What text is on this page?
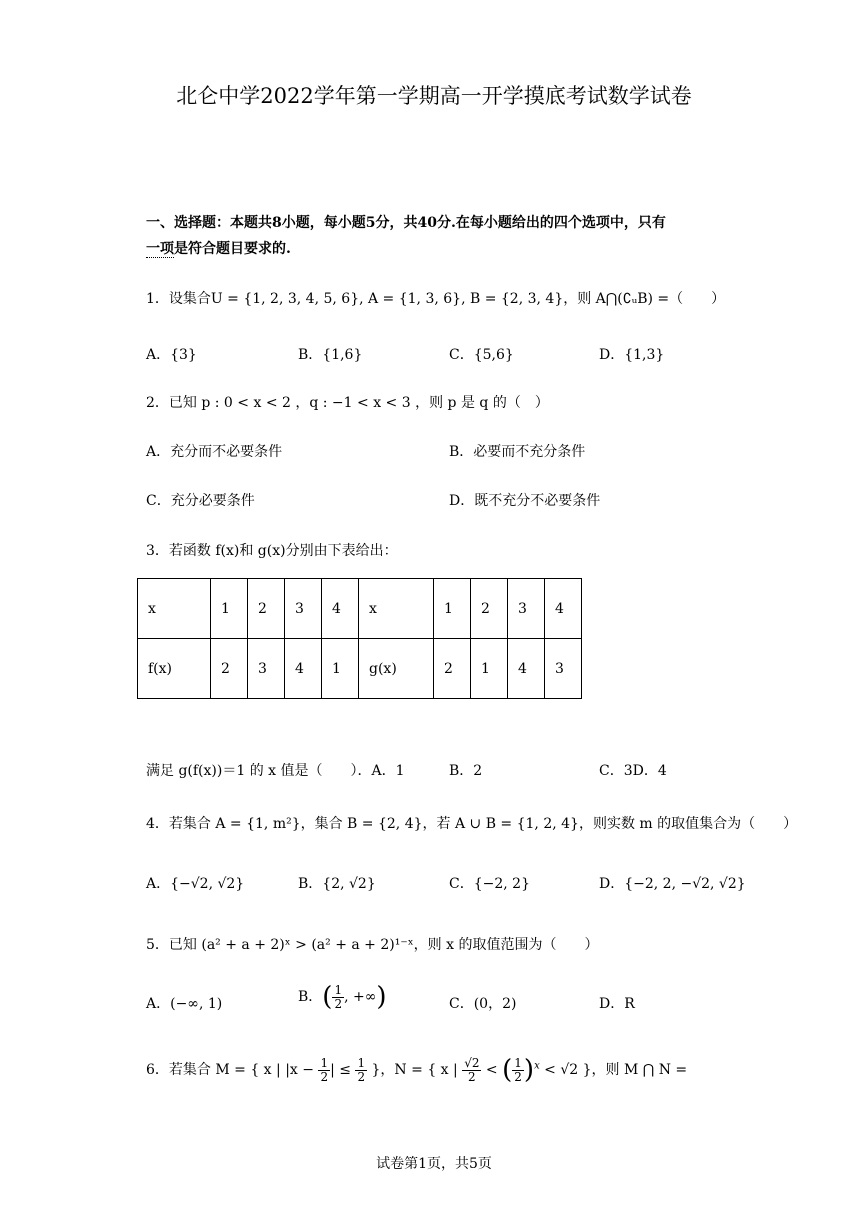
北仑中学2022学年第一学期高一开学摸底考试数学试卷
一、选择题：本题共8小题，每小题5分，共40分.在每小题给出的四个选项中，只有
一项是符合题目要求的.
1．设集合U = {1, 2, 3, 4, 5, 6}, A = {1, 3, 6}, B = {2, 3, 4}，则 A⋂(∁ᵤB) =（　　）
A．{3}	B．{1,6}	C．{5,6}	D．{1,3}
2．已知 p : 0 < x < 2 ，q : −1 < x < 3 ，则 p 是 q 的（　）
A．充分而不必要条件	B．必要而不充分条件
C．充分必要条件	D．既不充分不必要条件
3．若函数 f(x)和 g(x)分别由下表给出：
x	1	2	3	4	x	1	2	3	4
f(x)	2	3	4	1	g(x)	2	1	4	3
满足 g(f(x))＝1 的 x 值是（　　）．A．1	B．2	C．3D．4
4．若集合 A = {1, m²}，集合 B = {2, 4}，若 A ∪ B = {1, 2, 4}，则实数 m 的取值集合为（　　）
A．{−√2, √2}	B．{2, √2}	C．{−2, 2}	D．{−2, 2, −√2, √2}
5．已知 (a² + a + 2)ˣ > (a² + a + 2)¹⁻ˣ，则 x 的取值范围为（　　）
A．(−∞, 1)	B．( $\frac{1}{2}$ , +∞)	C．(0，2)	D．R
6．若集合 M = { x | $|x - \frac{1}{2}$ | ≤ $\frac{1}{2}$ }，N = { x | $\frac{√2}{2}$ < ( $\frac{1}{2} )^x < √2$ }，则 M ⋂ N =
试卷第1页，共5页
